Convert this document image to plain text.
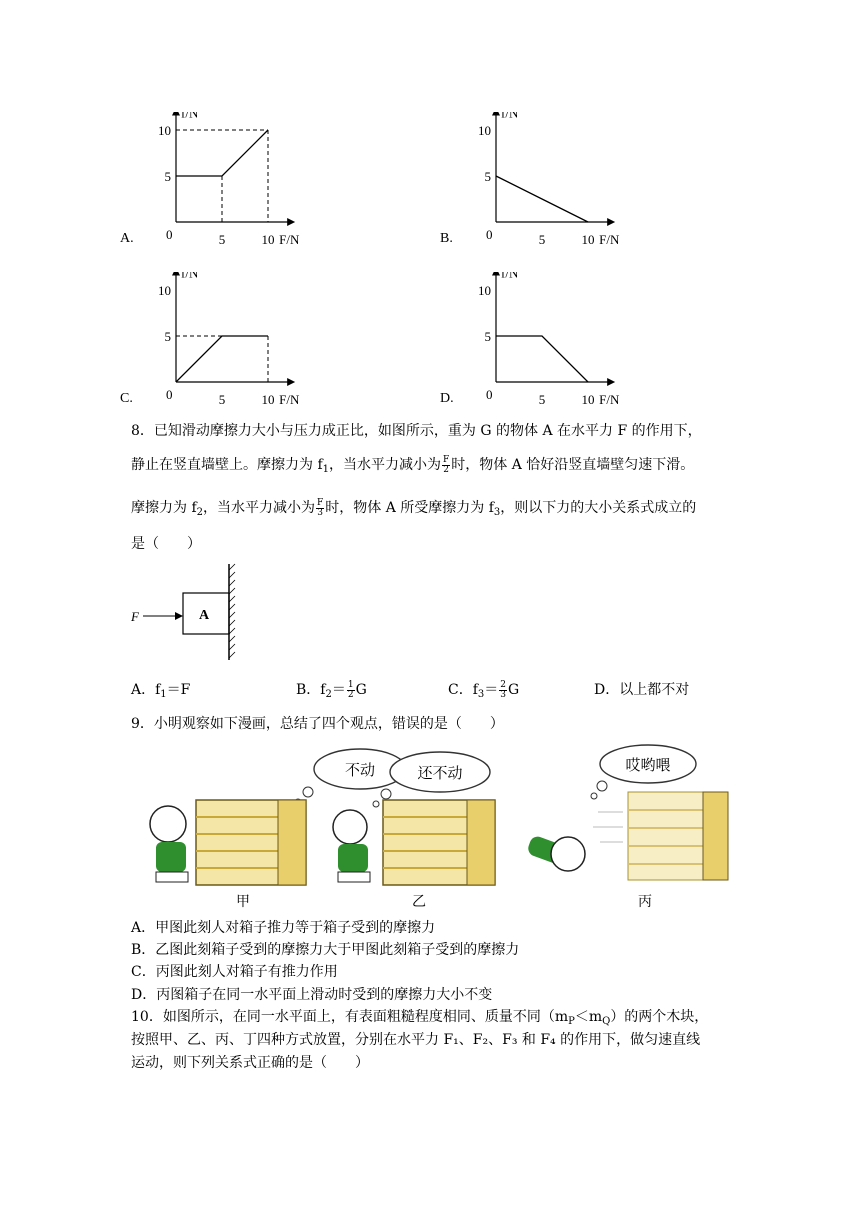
A.
f/N
F/N
0	5
5
10
10
B.
f/N
F/N
0	5
5
10
10
C.
f/N
F/N
0	5
5
10
10
D.
f/N
F/N
0	5
5
10
10
8．已知滑动摩擦力大小与压力成正比，如图所示，重为 G 的物体 A 在水平力 F 的作用下，
静止在竖直墙壁上。摩擦力为 $f_1$，当水平力减小为 $\frac{F}{2}$ 时，物体 A 恰好沿竖直墙壁匀速下滑。
摩擦力为 $f_2$，当水平力减小为 $\frac{F}{3}$ 时，物体 A 所受摩擦力为 $f_3$，则以下力的大小关系式成立的
是（　　）
F	A
A．$f_1=F$	B．$f_2= \frac{1}{2}$ G	C．$f_3= \frac{2}{3}$ G	D．以上都不对
9．小明观察如下漫画，总结了四个观点，错误的是（　　）
不动
甲
还不动
乙
哎哟喂
丙
A．甲图此刻人对箱子推力等于箱子受到的摩擦力
B．乙图此刻箱子受到的摩擦力大于甲图此刻箱子受到的摩擦力
C．丙图此刻人对箱子有推力作用
D．丙图箱子在同一水平面上滑动时受到的摩擦力大小不变
10．如图所示，在同一水平面上，有表面粗糙程度相同、质量不同$(m_P<m_Q)$的两个木块，
按照甲、乙、丙、丁四种方式放置，分别在水平力 F₁、F₂、F₃ 和 F₄ 的作用下，做匀速直线
运动，则下列关系式正确的是（　　）
